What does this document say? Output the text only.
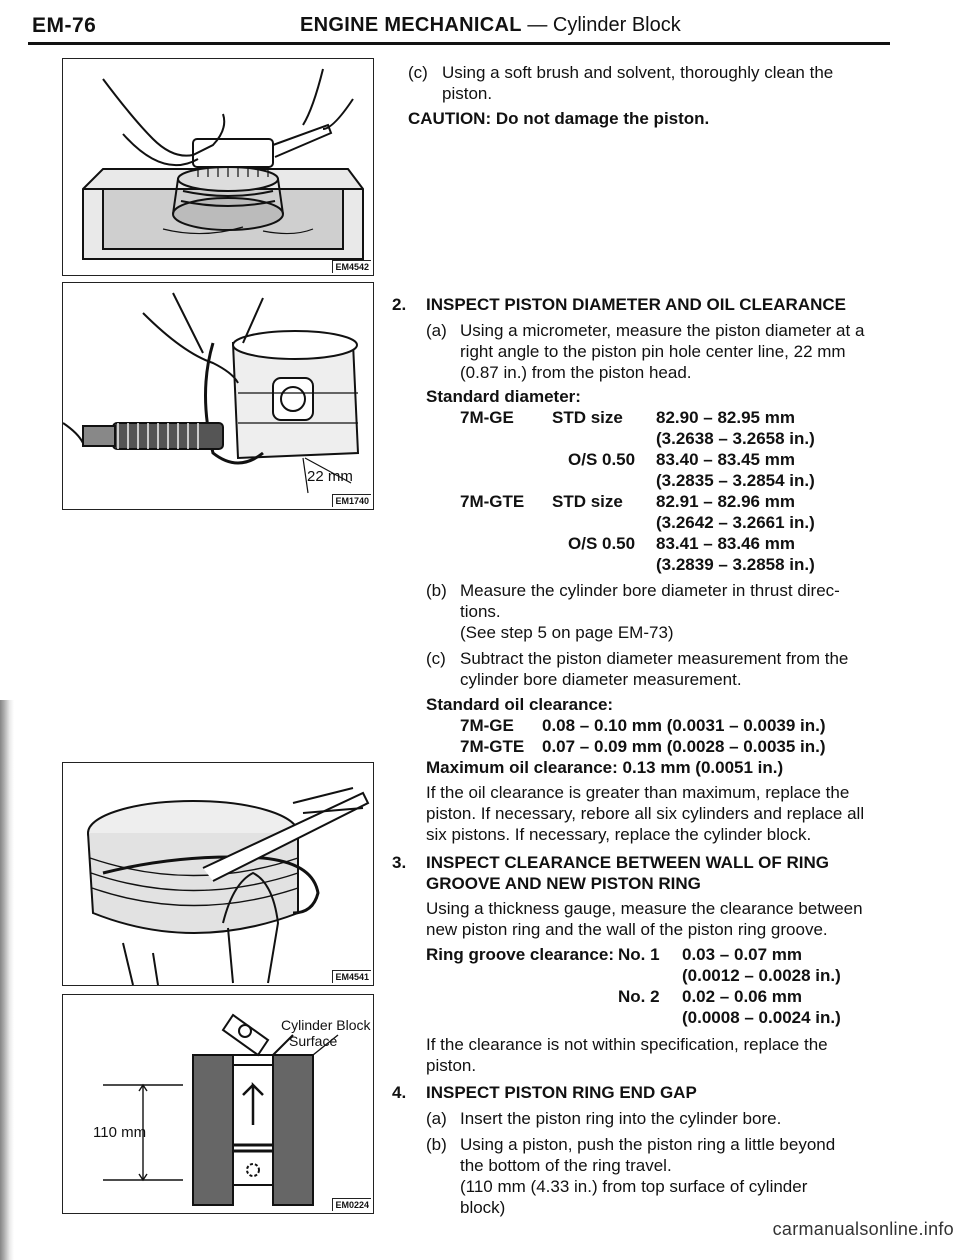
EM-76	ENGINE MECHANICAL — Cylinder Block
EM4542
22 mm
EM1740
EM4541
Cylinder Block
Surface
110 mm
EM0224
(c) Using a soft brush and solvent, thoroughly clean the
piston.
CAUTION: Do not damage the piston.
2. INSPECT PISTON DIAMETER AND OIL CLEARANCE
(a) Using a micrometer, measure the piston diameter at a
right angle to the piston pin hole center line, 22 mm
(0.87 in.) from the piston head.
Standard diameter:
7M-GE STD size 82.90 – 82.95 mm
(3.2638 – 3.2658 in.)
O/S 0.50 83.40 – 83.45 mm
(3.2835 – 3.2854 in.)
7M-GTE STD size 82.91 – 82.96 mm
(3.2642 – 3.2661 in.)
O/S 0.50 83.41 – 83.46 mm
(3.2839 – 3.2858 in.)
(b) Measure the cylinder bore diameter in thrust direc-
tions.
(See step 5 on page EM-73)
(c) Subtract the piston diameter measurement from the
cylinder bore diameter measurement.
Standard oil clearance:
7M-GE 0.08 – 0.10 mm (0.0031 – 0.0039 in.)
7M-GTE 0.07 – 0.09 mm (0.0028 – 0.0035 in.)
Maximum oil clearance: 0.13 mm (0.0051 in.)
If the oil clearance is greater than maximum, replace the
piston. If necessary, rebore all six cylinders and replace all
six pistons. If necessary, replace the cylinder block.
3. INSPECT CLEARANCE BETWEEN WALL OF RING
GROOVE AND NEW PISTON RING
Using a thickness gauge, measure the clearance between
new piston ring and the wall of the piston ring groove.
Ring groove clearance: No. 1 0.03 – 0.07 mm
(0.0012 – 0.0028 in.)
No. 2 0.02 – 0.06 mm
(0.0008 – 0.0024 in.)
If the clearance is not within specification, replace the
piston.
4. INSPECT PISTON RING END GAP
(a) Insert the piston ring into the cylinder bore.
(b) Using a piston, push the piston ring a little beyond
the bottom of the ring travel.
(110 mm (4.33 in.) from top surface of cylinder
block)
carmanualsonline.info
